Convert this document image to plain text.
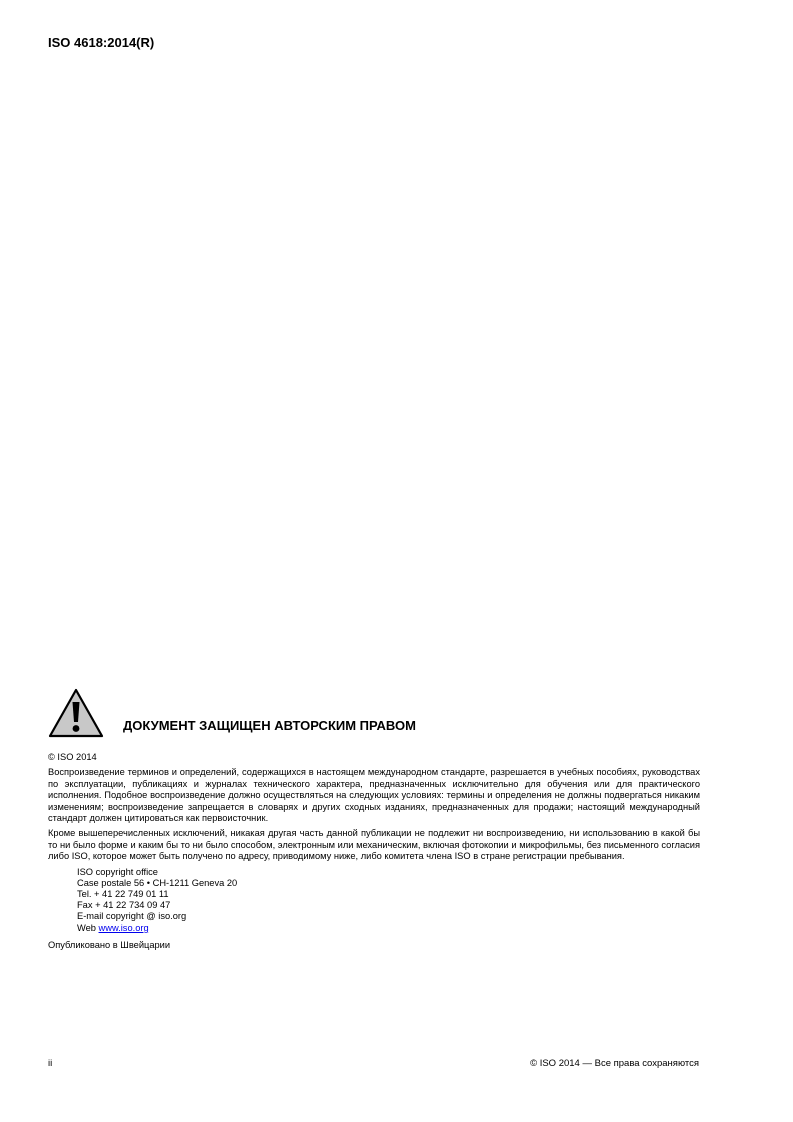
ISO 4618:2014(R)
ДОКУМЕНТ ЗАЩИЩЕН АВТОРСКИМ ПРАВОМ
© ISO 2014

Воспроизведение терминов и определений, содержащихся в настоящем международном стандарте, разрешается в учебных пособиях, руководствах по эксплуатации, публикациях и журналах технического характера, предназначенных исключительно для обучения или для практического исполнения. Подобное воспроизведение должно осуществляться на следующих условиях: термины и определения не должны подвергаться никаким изменениям; воспроизведение запрещается в словарях и других сходных изданиях, предназначенных для продажи; настоящий международный стандарт должен цитироваться как первоисточник.

Кроме вышеперечисленных исключений, никакая другая часть данной публикации не подлежит ни воспроизведению, ни использованию в какой бы то ни было форме и каким бы то ни было способом, электронным или механическим, включая фотокопии и микрофильмы, без письменного согласия либо ISO, которое может быть получено по адресу, приводимому ниже, либо комитета члена ISO в стране регистрации пребывания.

ISO copyright office
Case postale 56 • CH-1211 Geneva 20
Tel. + 41 22 749 01 11
Fax + 41 22 734 09 47
E-mail copyright @ iso.org
Web www.iso.org

Опубликовано в Швейцарии

ii	© ISO 2014 — Все права сохраняются
